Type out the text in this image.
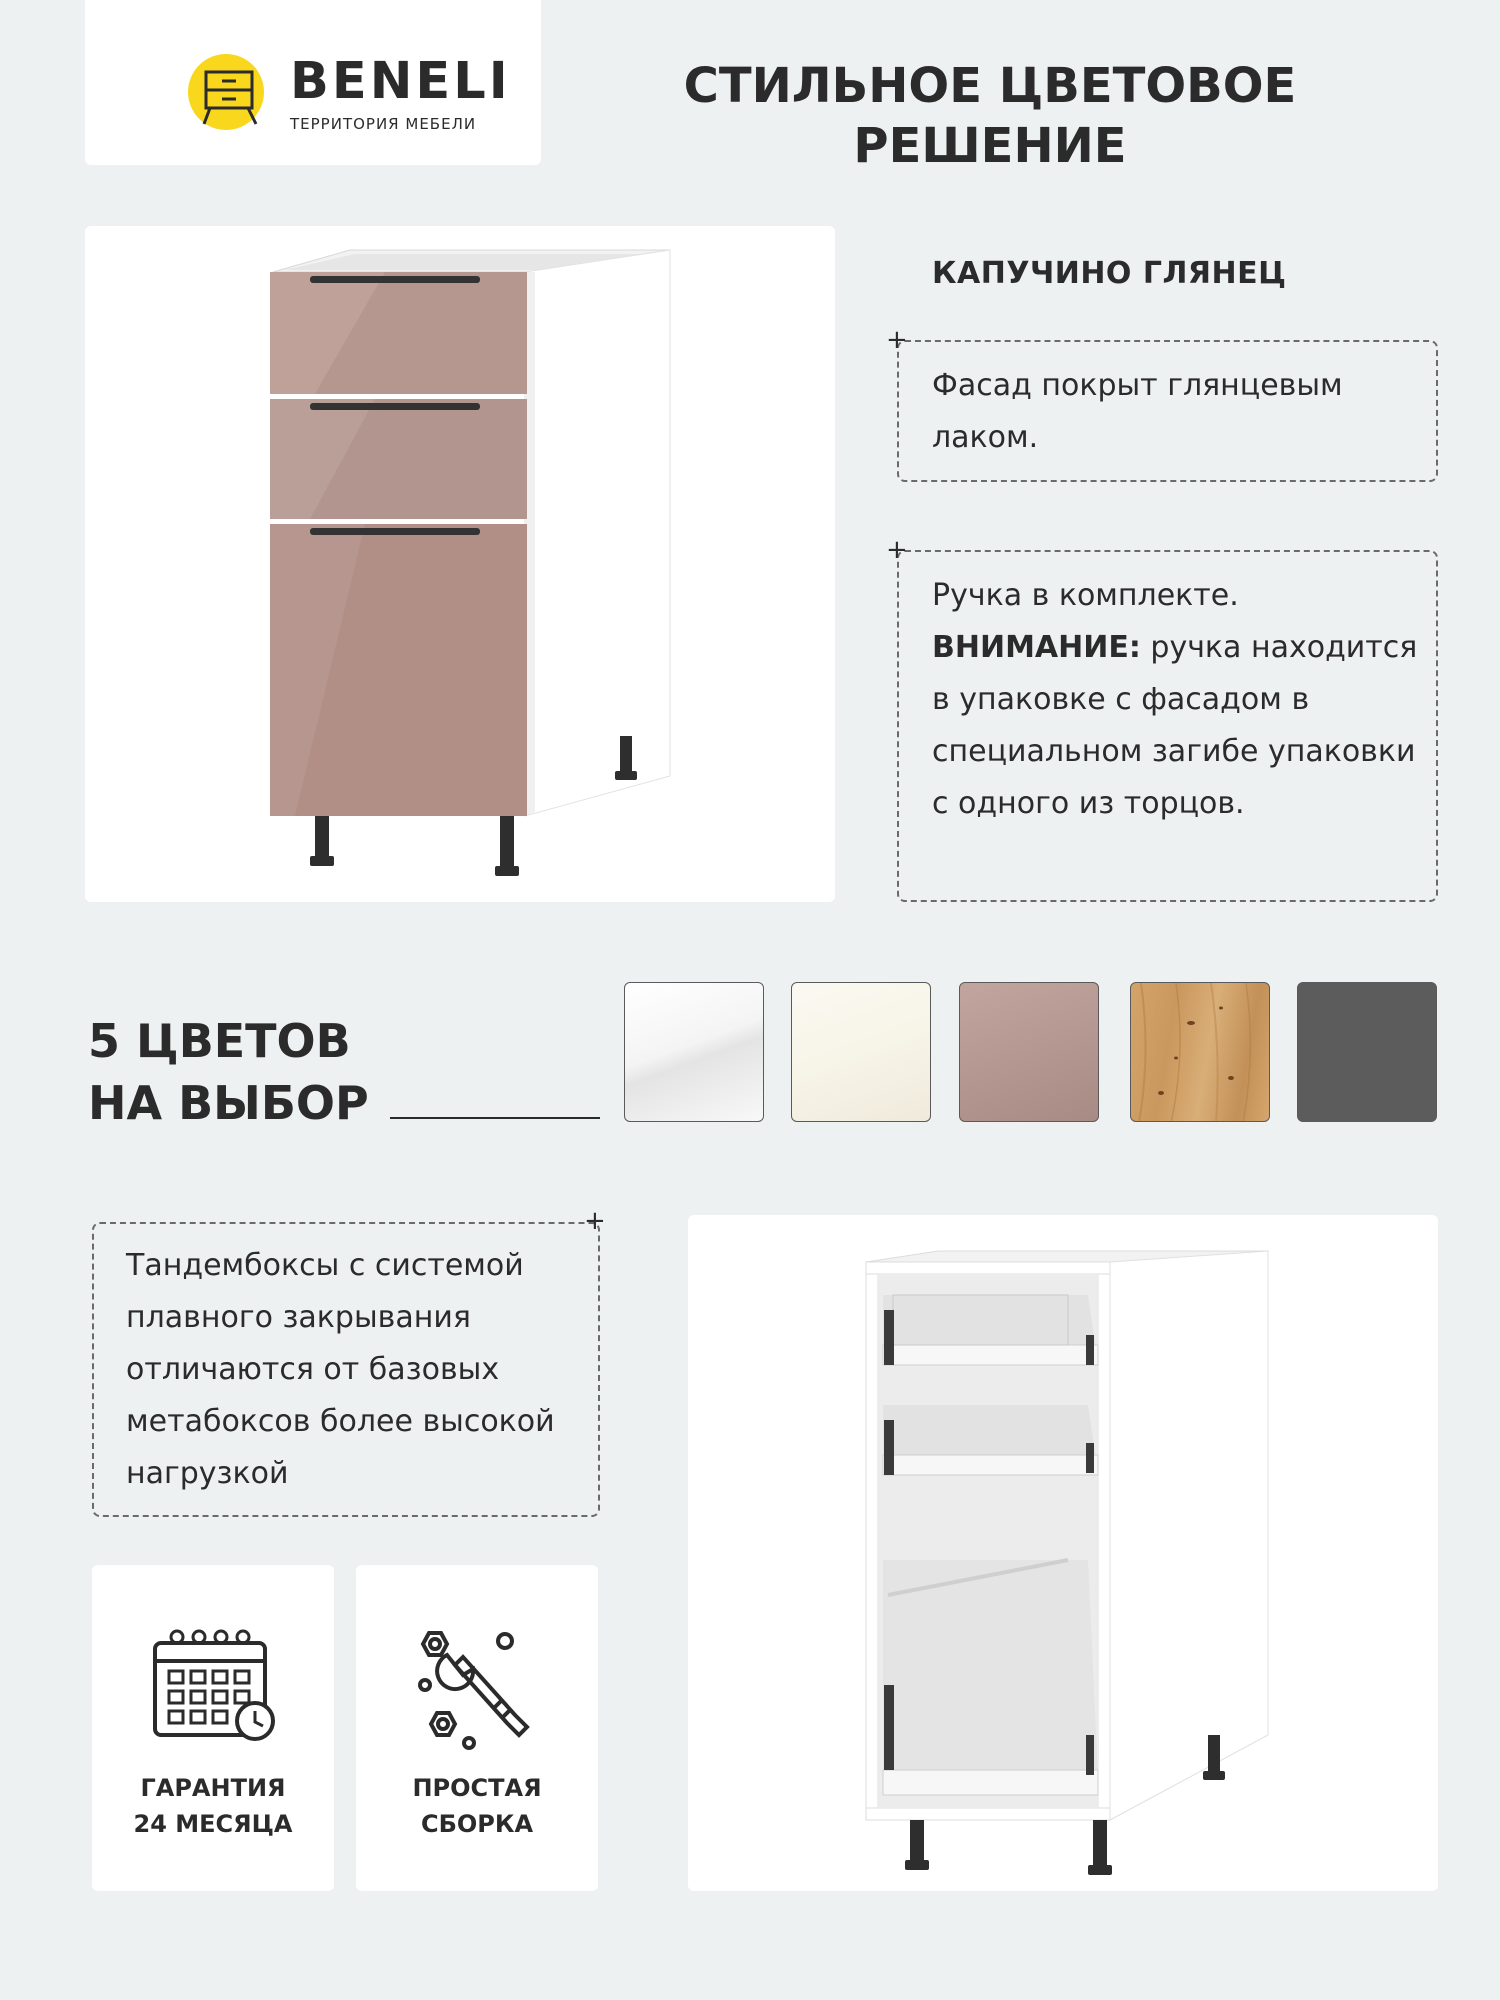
BENELI
ТЕРРИТОРИЯ МЕБЕЛИ
СТИЛЬНОЕ ЦВЕТОВОЕ
РЕШЕНИЕ
КАПУЧИНО ГЛЯНЕЦ
+
Фасад покрыт глянцевым лаком.
+
Ручка в комплекте.
ВНИМАНИЕ: ручка находится в упаковке с фасадом в специальном загибе упаковки с одного из торцов.
5 ЦВЕТОВ
НА ВЫБОР
+
Тандембоксы с системой плавного закрывания отличаются от базовых метабоксов более высокой нагрузкой
ГАРАНТИЯ
24 МЕСЯЦА
ПРОСТАЯ
СБОРКА
